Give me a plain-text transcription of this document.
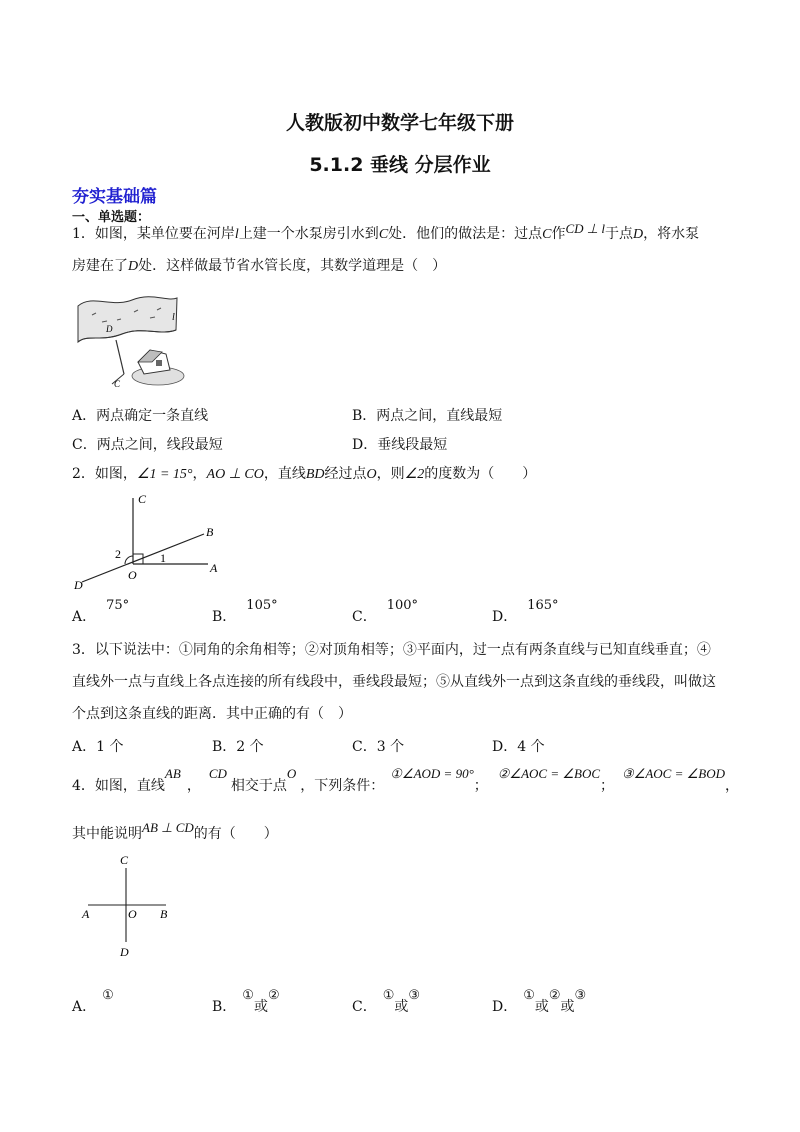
人教版初中数学七年级下册
5.1.2 垂线 分层作业
夯实基础篇
一、单选题：
1．如图，某单位要在河岸l上建一个水泵房引水到C处．他们的做法是：过点C作CD ⊥ l于点D，将水泵
房建在了D处．这样做最节省水管长度，其数学道理是（　）
D
l
C
A．两点确定一条直线	B．两点之间，直线最短
C．两点之间，线段最短	D．垂线段最短
2．如图，∠1 = 15°，AO ⊥ CO，直线BD经过点O，则∠2的度数为（　　）
C
B
A
D
O
1
2
A．75°
B．105°
C．100°
D．165°
3．以下说法中：①同角的余角相等；②对顶角相等；③平面内，过一点有两条直线与已知直线垂直；④
直线外一点与直线上各点连接的所有线段中，垂线段最短；⑤从直线外一点到这条直线的垂线段，叫做这
个点到这条直线的距离．其中正确的有（　）
A．1 个	B．2 个	C．3 个	D．4 个
4．如图，直线AB，CD相交于点O，下列条件：①∠AOD = 90°；②∠AOC = ∠BOC；③∠AOC = ∠BOD，
其中能说明AB ⊥ CD的有（　　）
C
A	O B
D
A．①
B．①或②
C．①或③
D．①或②或③
